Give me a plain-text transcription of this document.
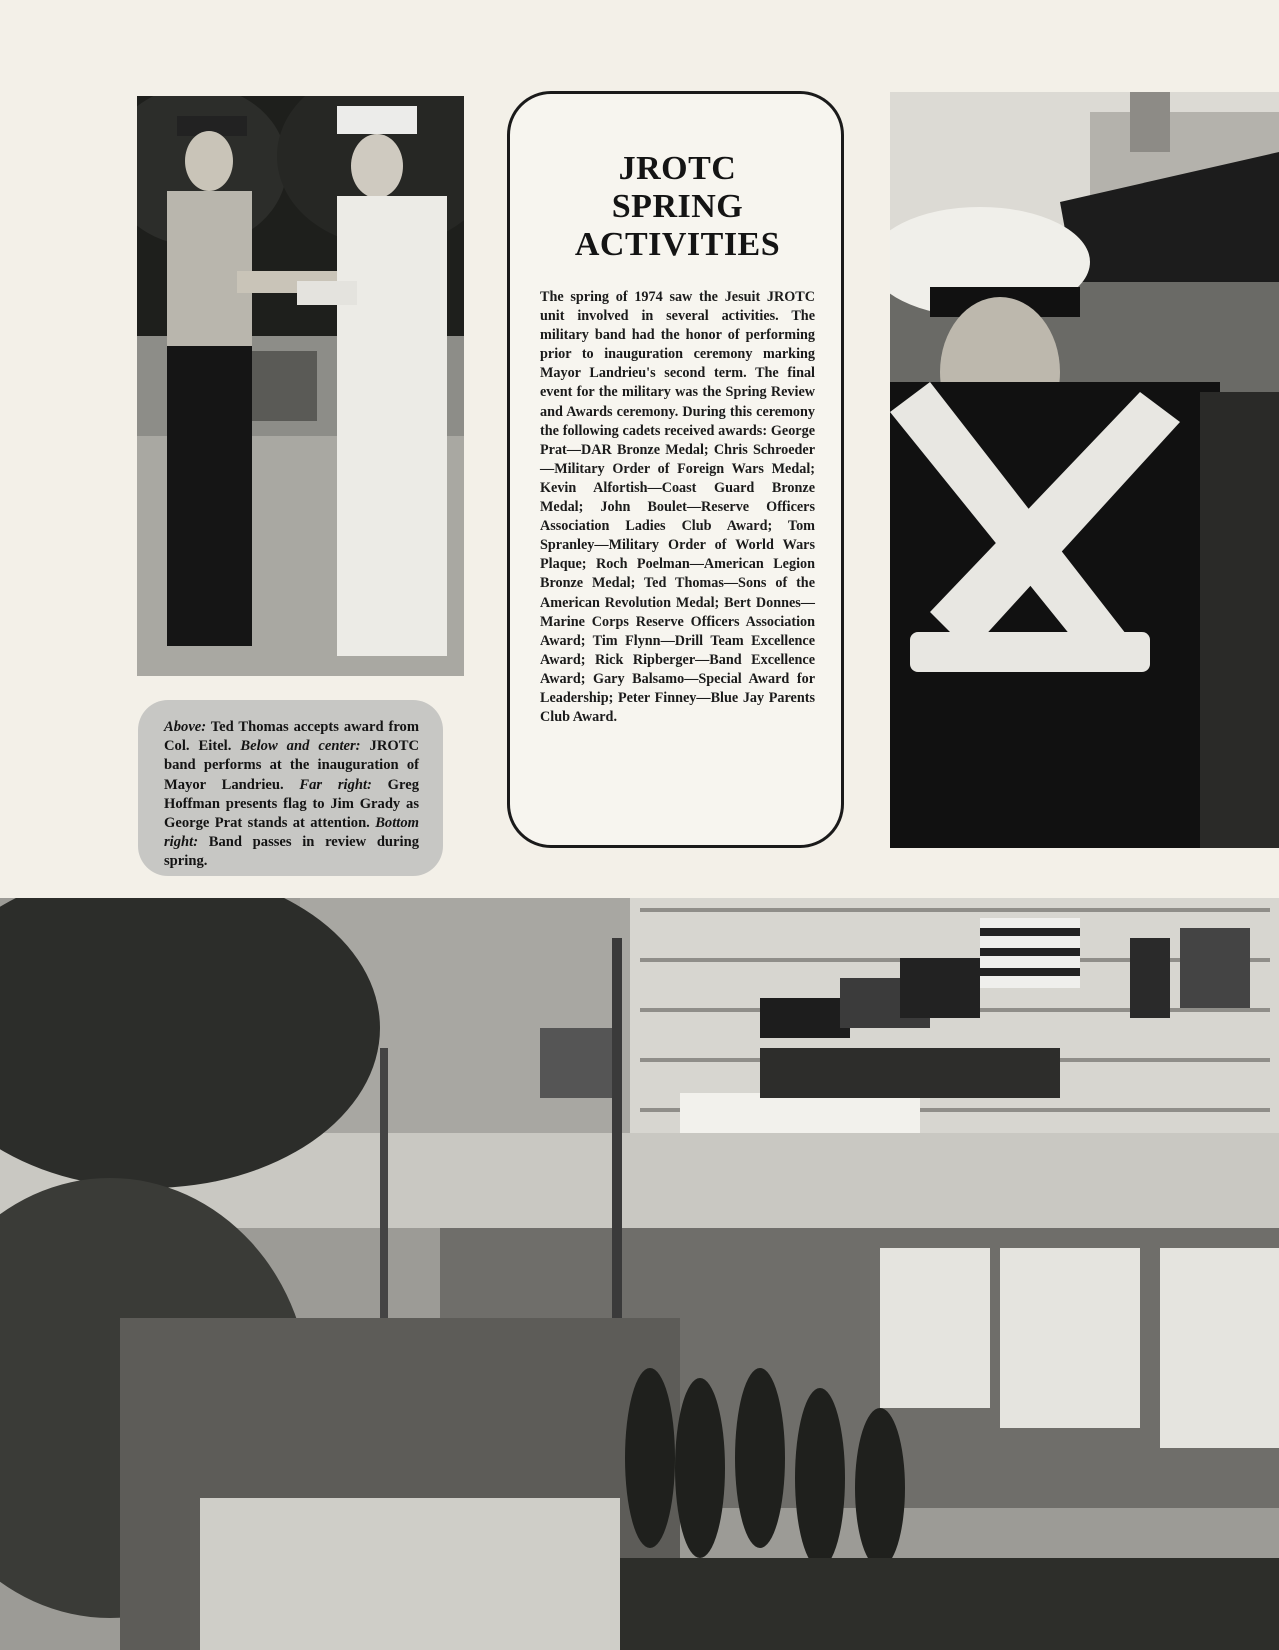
JROTC
SPRING
ACTIVITIES

The spring of 1974 saw the Jesuit JROTC unit involved in several activities. The military band had the honor of performing prior to inauguration ceremony marking Mayor Landrieu's second term. The final event for the military was the Spring Review and Awards ceremony. During this ceremony the following cadets received awards: George Prat—DAR Bronze Medal; Chris Schroeder—Military Order of Foreign Wars Medal; Kevin Alfortish—Coast Guard Bronze Medal; John Boulet—Reserve Officers Association Ladies Club Award; Tom Spranley—Military Order of World Wars Plaque; Roch Poelman—American Legion Bronze Medal; Ted Thomas—Sons of the American Revolution Medal; Bert Donnes—Marine Corps Reserve Officers Association Award; Tim Flynn—Drill Team Excellence Award; Rick Ripberger—Band Excellence Award; Gary Balsamo—Special Award for Leadership; Peter Finney—Blue Jay Parents Club Award.

Above: Ted Thomas accepts award from Col. Eitel. Below and center: JROTC band performs at the inauguration of Mayor Landrieu. Far right: Greg Hoffman presents flag to Jim Grady as George Prat stands at attention. Bottom right: Band passes in review during spring.
